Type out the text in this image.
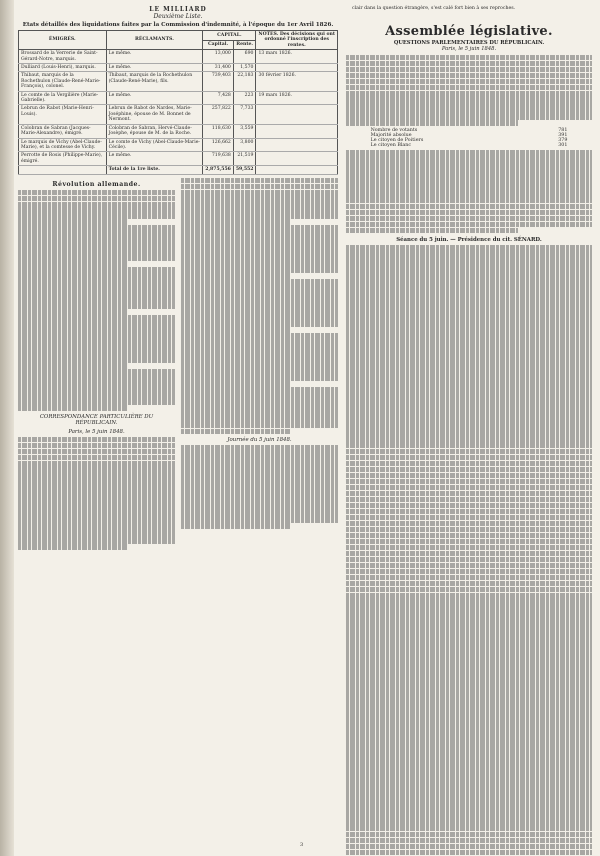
LE MILLIARD
Deuxième Liste.
Etats détaillés des liquidations faites par la Commission d'indemnité, à l'époque du 1er Avril 1826.
ÉMIGRÉS.	RÉCLAMANTS.	CAPITAL.		NOTES. Des décisions qui ont ordonné l'inscription des rentes.
		Capital.	Rente.	
Brossard de la Verrerie de Saint-Gérard-Notre, marquis.	Le même.	13,000	690	13 mars 1826.
Dulliard (Louis-Henri), marquis.	Le même.	31,400	1,570	
Thibaut, marquis de la Rochethulon (Claude-René-Marie-François), colonel.	Thibaut, marquis de la Rochethulon (Claude-René-Marie), fils.	739,403	22,183	30 février 1826.
Le comte de la Vergilière (Marie-Gabrielle).	Le même.	7,428	223	19 mars 1826.
Lebrun de Rabot (Marie-Henri-Louis).	Lebrun de Rabot de Nardes, Marie-Joséphine, épouse de M. Bonnet de Nermont.	257,822	7,733	
Colobran de Sabran (Jacques-Marie-Alexandre), émigré.	Colobran de Sabran, Hervé-Claude-Josèphe, épouse de M. de la Roche.	118,630	3,559	
Le marquis de Vichy (Abel-Claude-Marie), et la comtesse de Vichy.	Le comte de Vichy (Abel-Claude-Marie-Cécile).	126,662	3,800	
Perrotte de Rosis (Philippe-Marie), émigré.	Le même.	719,638	21,519	
	Total de la 1re liste.	2,875,556	59,552	
Révolution allemande.
CORRESPONDANCE PARTICULIÈRE DU RÉPUBLICAIN.
Paris, le 5 juin 1848.
Journée du 5 juin 1848.

clair dans la question étrangère, s'est calé fort bien à ses reproches.

Assemblée législative.
QUESTIONS PARLEMENTAIRES DU RÉPUBLICAIN.
Paris, le 5 juin 1848.
Nombre de votants	781
Majorité absolue	391
Le citoyen de Poitiers	379
Le citoyen Blanc	301
Séance du 5 juin. — Présidence du cit. SÉNARD.
3
